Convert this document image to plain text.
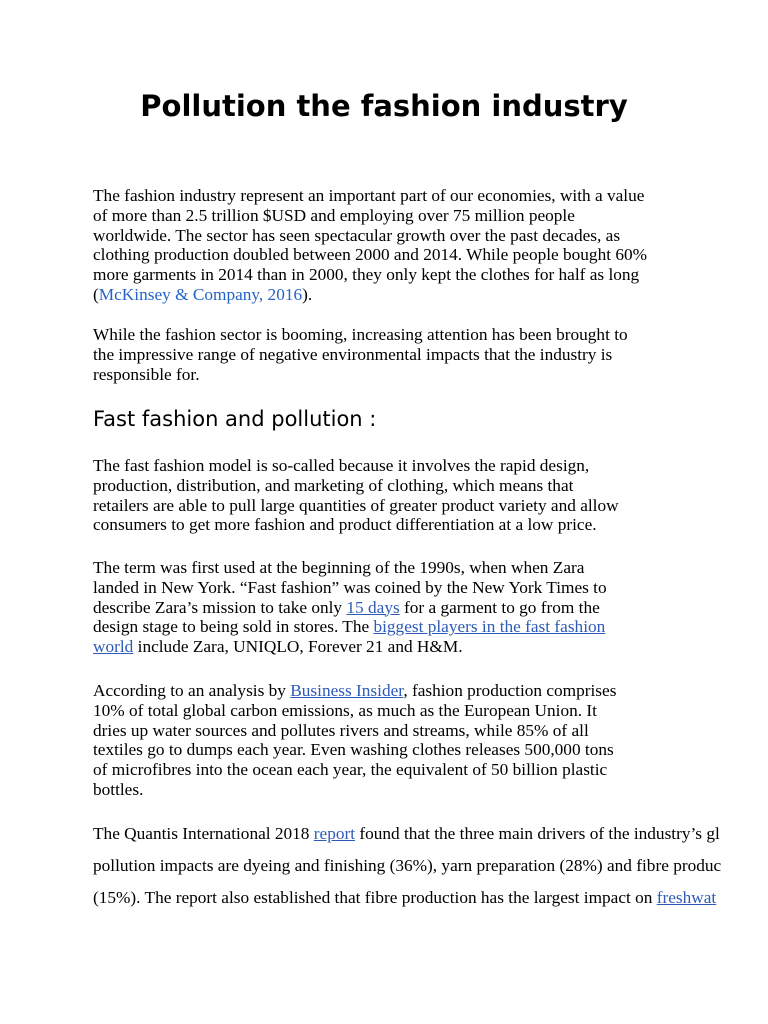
Pollution the fashion industry

The fashion industry represent an important part of our economies, with a value
of more than 2.5 trillion $USD and employing over 75 million people
worldwide. The sector has seen spectacular growth over the past decades, as
clothing production doubled between 2000 and 2014. While people bought 60%
more garments in 2014 than in 2000, they only kept the clothes for half as long
(McKinsey & Company, 2016).

While the fashion sector is booming, increasing attention has been brought to
the impressive range of negative environmental impacts that the industry is
responsible for.

Fast fashion and pollution :

The fast fashion model is so-called because it involves the rapid design,
production, distribution, and marketing of clothing, which means that
retailers are able to pull large quantities of greater product variety and allow
consumers to get more fashion and product differentiation at a low price.

The term was first used at the beginning of the 1990s, when when Zara
landed in New York. “Fast fashion” was coined by the New York Times to
describe Zara’s mission to take only 15 days for a garment to go from the
design stage to being sold in stores. The biggest players in the fast fashion
world include Zara, UNIQLO, Forever 21 and H&M.

According to an analysis by Business Insider, fashion production comprises
10% of total global carbon emissions, as much as the European Union. It
dries up water sources and pollutes rivers and streams, while 85% of all
textiles go to dumps each year. Even washing clothes releases 500,000 tons
of microfibres into the ocean each year, the equivalent of 50 billion plastic
bottles.

The Quantis International 2018 report found that the three main drivers of the industry’s gl

pollution impacts are dyeing and finishing (36%), yarn preparation (28%) and fibre produc

(15%). The report also established that fibre production has the largest impact on freshwat
